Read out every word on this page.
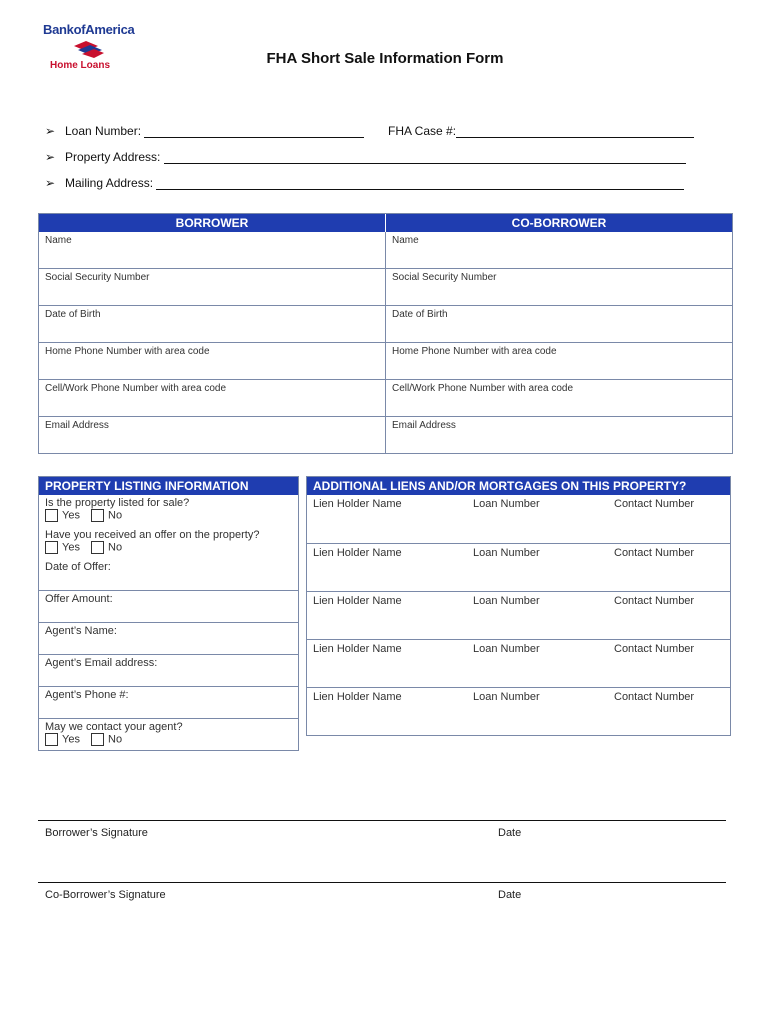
BankofAmerica
Home Loans	FHA Short Sale Information Form
➢ Loan Number:	FHA Case #:
➢ Property Address:
➢ Mailing Address:
BORROWER	CO-BORROWER
Name	Name
Social Security Number	Social Security Number
Date of Birth	Date of Birth
Home Phone Number with area code	Home Phone Number with area code
Cell/Work Phone Number with area code	Cell/Work Phone Number with area code
Email Address	Email Address
PROPERTY LISTING INFORMATION
Is the property listed for sale?
Yes	No
Have you received an offer on the property?
Yes	No
Date of Offer:
Offer Amount:
Agent’s Name:
Agent’s Email address:
Agent’s Phone #:
May we contact your agent?
Yes	No
ADDITIONAL LIENS AND/OR MORTGAGES ON THIS PROPERTY?
Lien Holder Name	Loan Number	Contact Number
Lien Holder Name	Loan Number	Contact Number
Lien Holder Name	Loan Number	Contact Number
Lien Holder Name	Loan Number	Contact Number
Lien Holder Name	Loan Number	Contact Number
Borrower’s Signature	Date
Co-Borrower’s Signature	Date
